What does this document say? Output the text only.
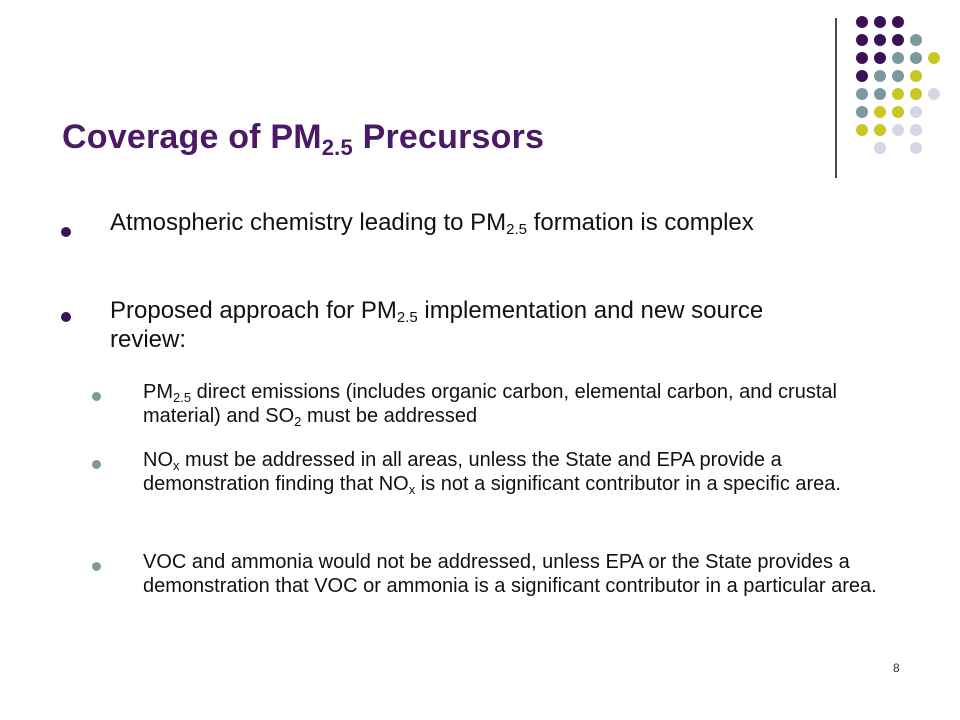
Coverage of $PM_{2.5}$ Precursors

Atmospheric chemistry leading to $PM_{2.5}$ formation is complex

Proposed approach for $PM_{2.5}$ implementation and new source review:

$PM_{2.5}$ direct emissions (includes organic carbon, elemental carbon, and crustal material) and $SO_2$ must be addressed

$NO_x$ must be addressed in all areas, unless the State and EPA provide a demonstration finding that $NO_x$ is not a significant contributor in a specific area.

VOC and ammonia would not be addressed, unless EPA or the State provides a demonstration that VOC or ammonia is a significant contributor in a particular area.

8
